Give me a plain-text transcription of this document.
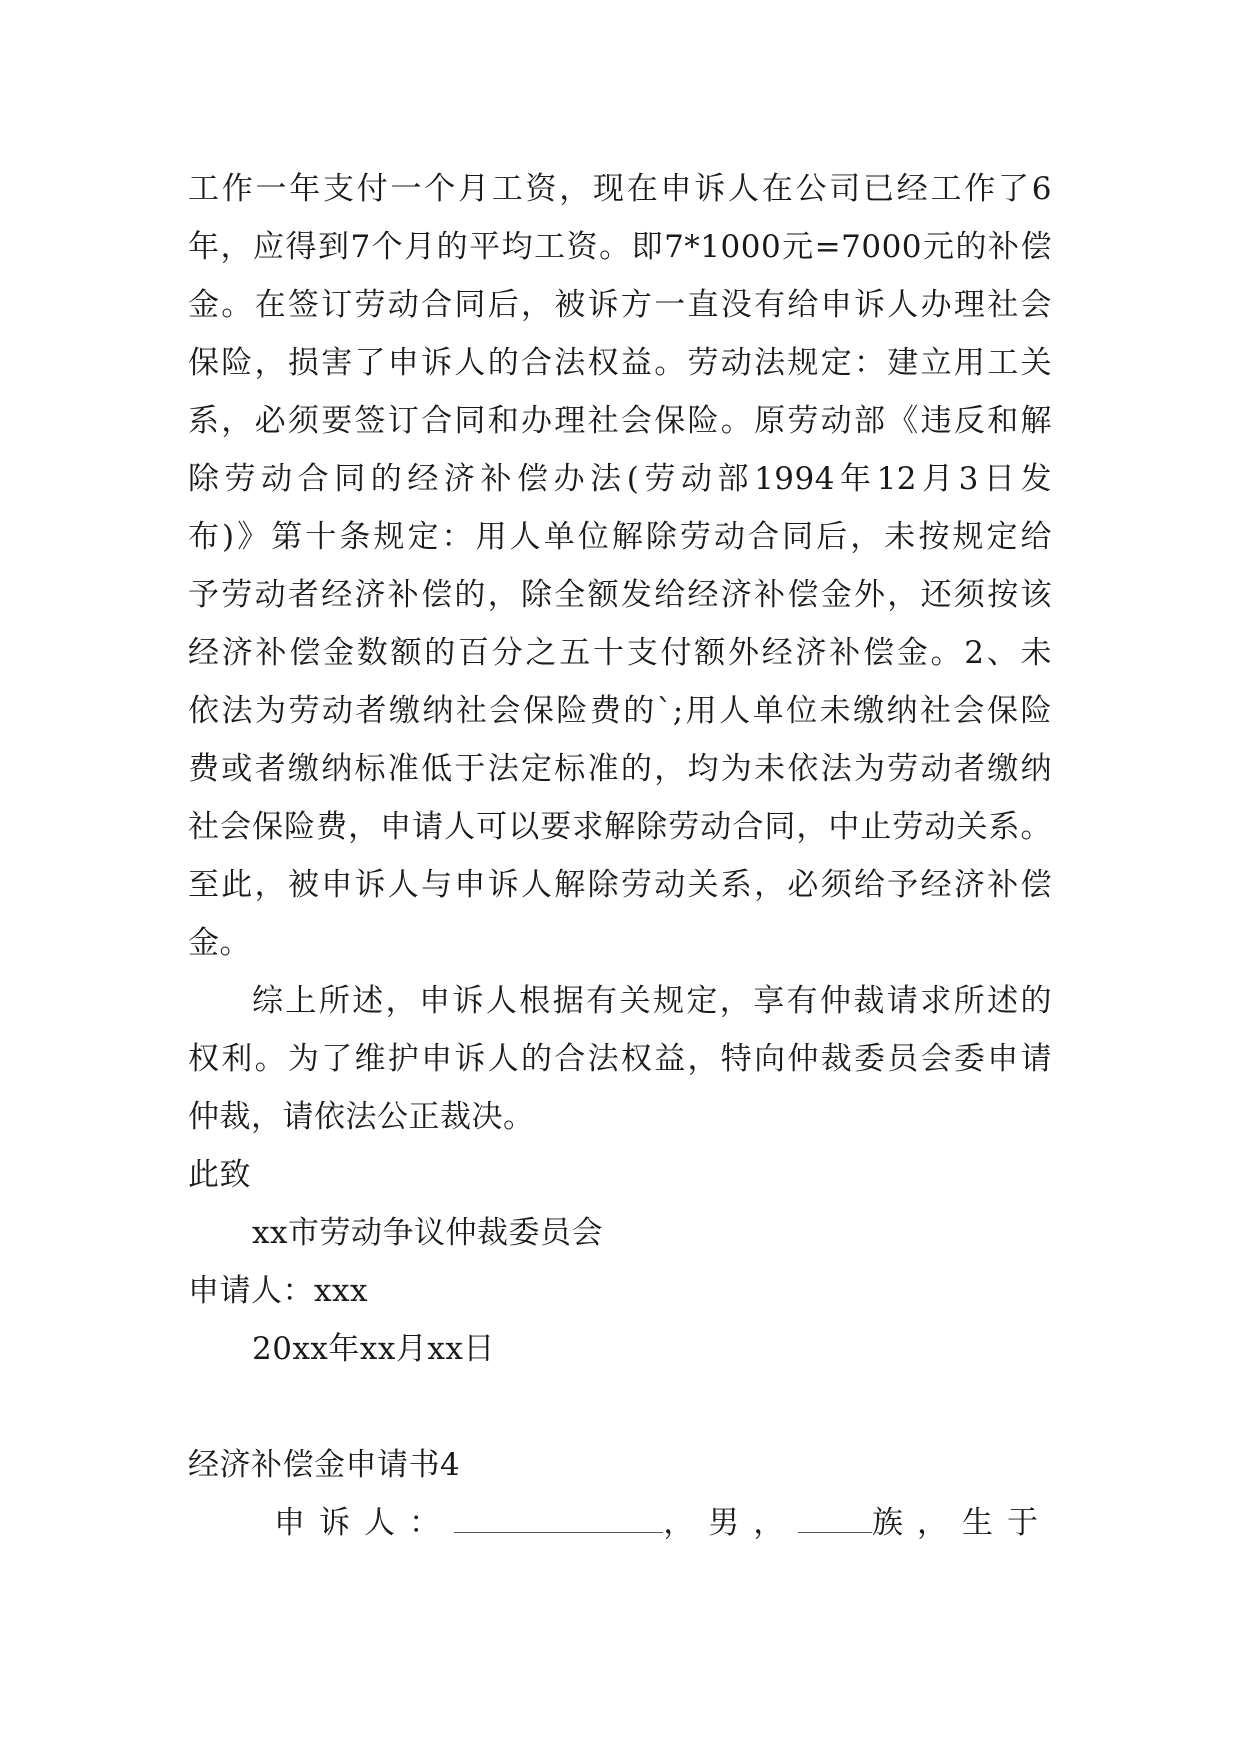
工作一年支付一个月工资，现在申诉人在公司已经工作了6
年，应得到7个月的平均工资。即7*1000元=7000元的补偿
金。在签订劳动合同后，被诉方一直没有给申诉人办理社会
保险，损害了申诉人的合法权益。劳动法规定：建立用工关
系，必须要签订合同和办理社会保险。原劳动部《违反和解
除劳动合同的经济补偿办法(劳动部1994年12月3日发
布)》第十条规定：用人单位解除劳动合同后，未按规定给
予劳动者经济补偿的，除全额发给经济补偿金外，还须按该
经济补偿金数额的百分之五十支付额外经济补偿金。2、未
依法为劳动者缴纳社会保险费的`;用人单位未缴纳社会保险
费或者缴纳标准低于法定标准的，均为未依法为劳动者缴纳
社会保险费，申请人可以要求解除劳动合同，中止劳动关系。
至此，被申诉人与申诉人解除劳动关系，必须给予经济补偿
金。
综上所述，申诉人根据有关规定，享有仲裁请求所述的
权利。为了维护申诉人的合法权益，特向仲裁委员会委申请
仲裁，请依法公正裁决。
此致
xx市劳动争议仲裁委员会
申请人：xxx
20xx年xx月xx日
经济补偿金申请书4
申诉人：	，男， 族， 生于
